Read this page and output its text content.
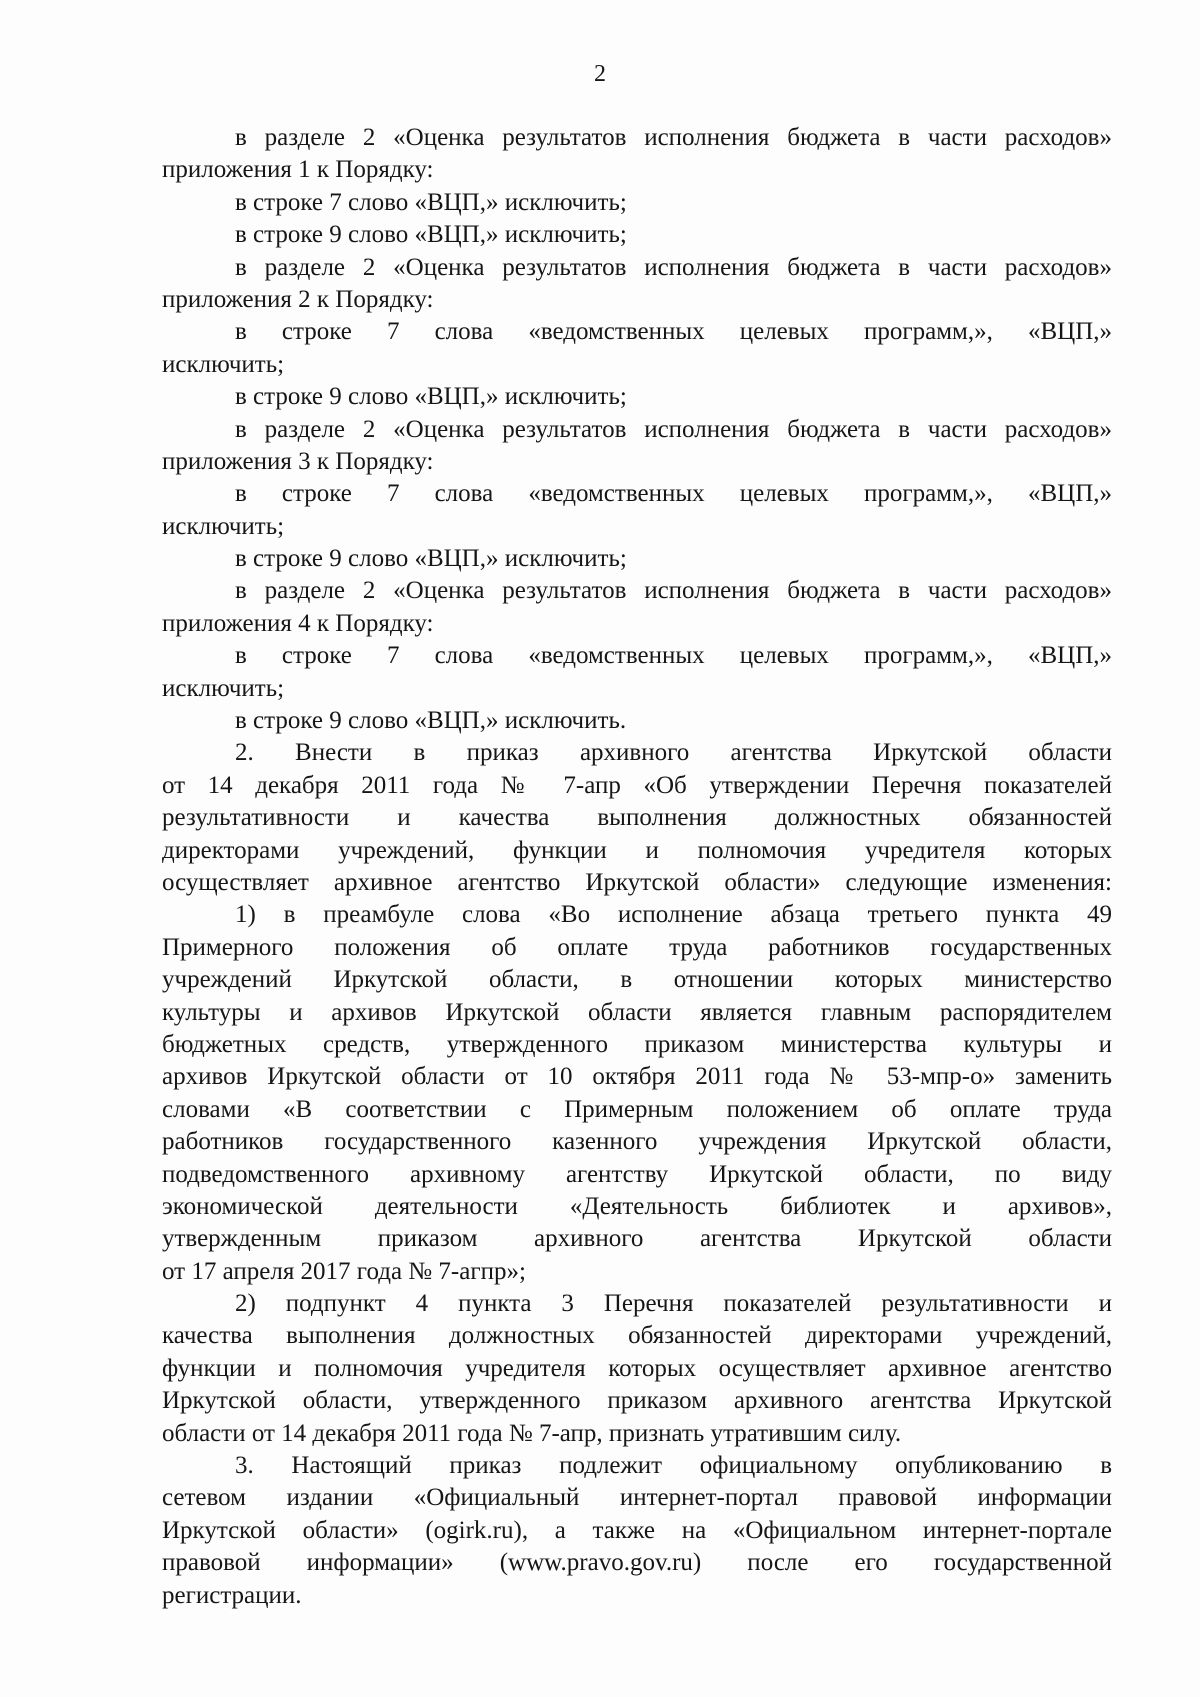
2
в разделе 2 «Оценка результатов исполнения бюджета в части расходов»
приложения 1 к Порядку:
в строке 7 слово «ВЦП,» исключить;
в строке 9 слово «ВЦП,» исключить;
в разделе 2 «Оценка результатов исполнения бюджета в части расходов»
приложения 2 к Порядку:
в строке 7 слова «ведомственных целевых программ,», «ВЦП,»
исключить;
в строке 9 слово «ВЦП,» исключить;
в разделе 2 «Оценка результатов исполнения бюджета в части расходов»
приложения 3 к Порядку:
в строке 7 слова «ведомственных целевых программ,», «ВЦП,»
исключить;
в строке 9 слово «ВЦП,» исключить;
в разделе 2 «Оценка результатов исполнения бюджета в части расходов»
приложения 4 к Порядку:
в строке 7 слова «ведомственных целевых программ,», «ВЦП,»
исключить;
в строке 9 слово «ВЦП,» исключить.
2. Внести в приказ архивного агентства Иркутской области
от 14 декабря 2011 года № 7-апр «Об утверждении Перечня показателей
результативности и качества выполнения должностных обязанностей
директорами учреждений, функции и полномочия учредителя которых
осуществляет архивное агентство Иркутской области» следующие изменения:
1) в преамбуле слова «Во исполнение абзаца третьего пункта 49
Примерного положения об оплате труда работников государственных
учреждений Иркутской области, в отношении которых министерство
культуры и архивов Иркутской области является главным распорядителем
бюджетных средств, утвержденного приказом министерства культуры и
архивов Иркутской области от 10 октября 2011 года № 53-мпр-о» заменить
словами «В соответствии с Примерным положением об оплате труда
работников государственного казенного учреждения Иркутской области,
подведомственного архивному агентству Иркутской области, по виду
экономической деятельности «Деятельность библиотек и архивов»,
утвержденным приказом архивного агентства Иркутской области
от 17 апреля 2017 года № 7-агпр»;
2) подпункт 4 пункта 3 Перечня показателей результативности и
качества выполнения должностных обязанностей директорами учреждений,
функции и полномочия учредителя которых осуществляет архивное агентство
Иркутской области, утвержденного приказом архивного агентства Иркутской
области от 14 декабря 2011 года № 7-апр, признать утратившим силу.
3. Настоящий приказ подлежит официальному опубликованию в
сетевом издании «Официальный интернет-портал правовой информации
Иркутской области» (ogirk.ru), а также на «Официальном интернет-портале
правовой информации» (www.pravo.gov.ru) после его государственной
регистрации.
